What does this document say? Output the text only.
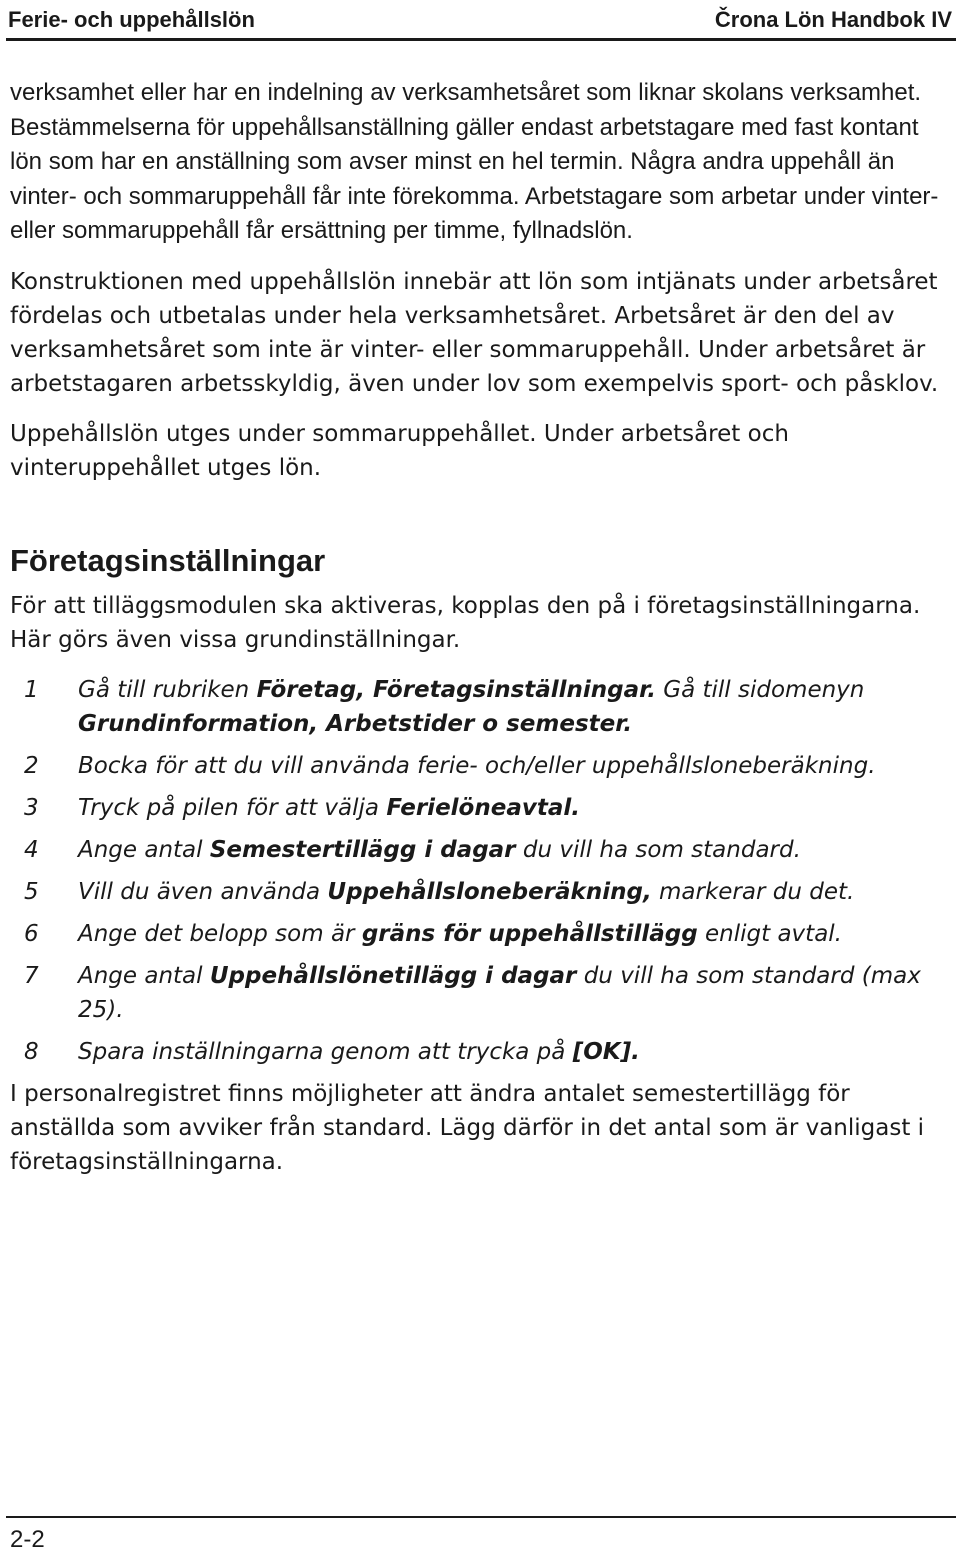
Ferie- och uppehållslön	Črona Lön Handbok IV

verksamhet eller har en indelning av verksamhetsåret som liknar skolans verksamhet. Bestämmelserna för uppehållsanställning gäller endast arbetstagare med fast kontant lön som har en anställning som avser minst en hel termin. Några andra uppehåll än vinter- och sommaruppehåll får inte förekomma. Arbetstagare som arbetar under vinter- eller sommaruppehåll får ersättning per timme, fyllnadslön.

Konstruktionen med uppehållslön innebär att lön som intjänats under arbetsåret fördelas och utbetalas under hela verksamhetsåret. Arbetsåret är den del av verksamhetsåret som inte är vinter- eller sommaruppehåll. Under arbetsåret är arbetstagaren arbetsskyldig, även under lov som exempelvis sport- och påsklov.

Uppehållslön utges under sommaruppehållet. Under arbetsåret och vinteruppehållet utges lön.

Företagsinställningar

För att tilläggsmodulen ska aktiveras, kopplas den på i företagsinställningarna. Här görs även vissa grundinställningar.

1	Gå till rubriken Företag, Företagsinställningar. Gå till sidomenyn Grundinformation, Arbetstider o semester.
2	Bocka för att du vill använda ferie- och/eller uppehållsloneberäkning.
3	Tryck på pilen för att välja Ferielöneavtal.
4	Ange antal Semestertillägg i dagar du vill ha som standard.
5	Vill du även använda Uppehållsloneberäkning, markerar du det.
6	Ange det belopp som är gräns för uppehållstillägg enligt avtal.
7	Ange antal Uppehållslönetillägg i dagar du vill ha som standard (max 25).
8	Spara inställningarna genom att trycka på [OK].

I personalregistret finns möjligheter att ändra antalet semestertillägg för anställda som avviker från standard. Lägg därför in det antal som är vanligast i företagsinställningarna.

2-2
